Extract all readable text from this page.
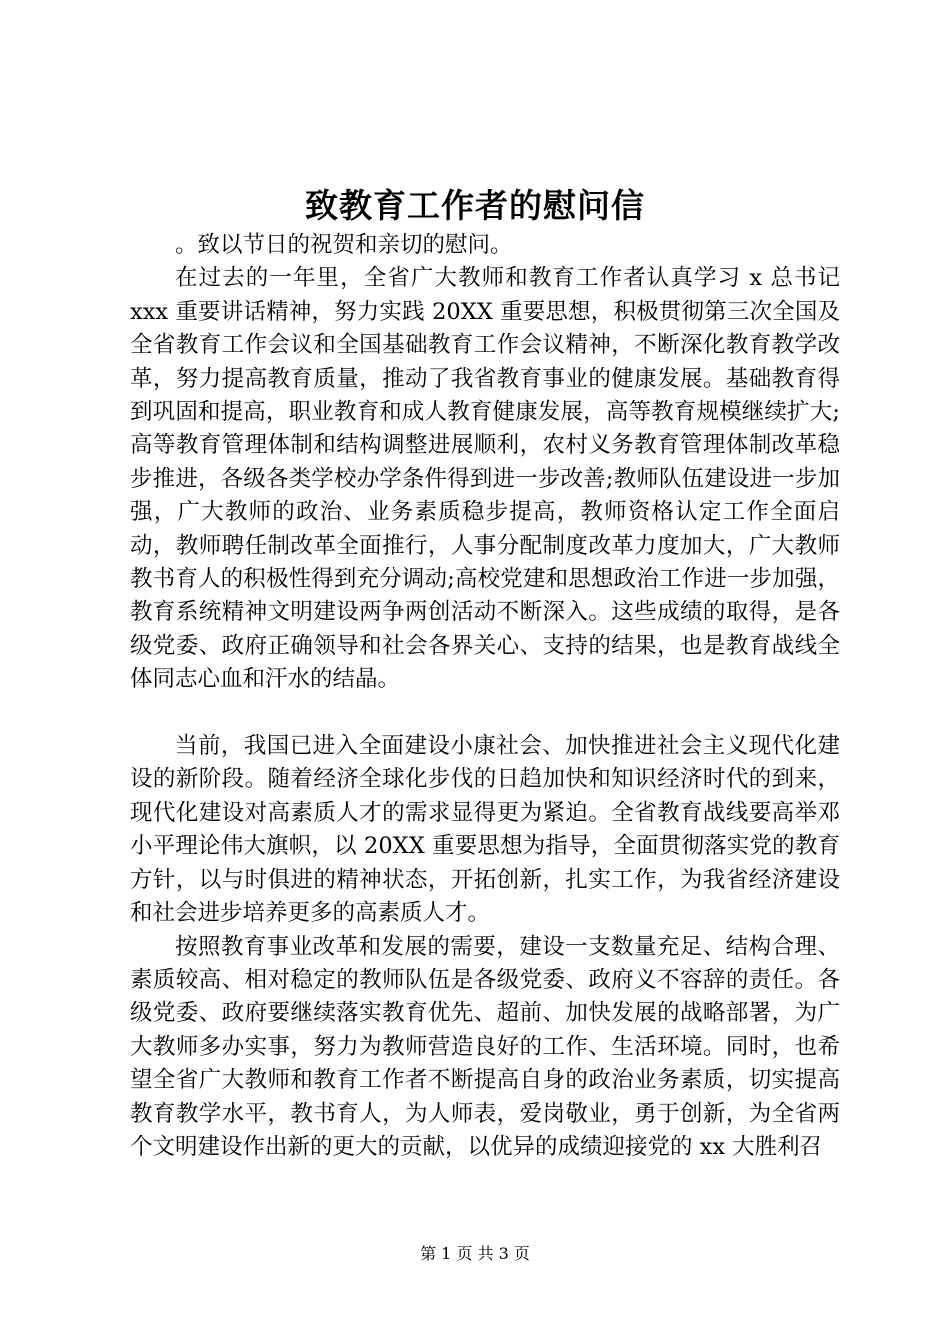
致教育工作者的慰问信

。致以节日的祝贺和亲切的慰问。

在过去的一年里，全省广大教师和教育工作者认真学习 x 总书记 xxx 重要讲话精神，努力实践 20XX 重要思想，积极贯彻第三次全国及全省教育工作会议和全国基础教育工作会议精神，不断深化教育教学改革，努力提高教育质量，推动了我省教育事业的健康发展。基础教育得到巩固和提高，职业教育和成人教育健康发展，高等教育规模继续扩大;高等教育管理体制和结构调整进展顺利，农村义务教育管理体制改革稳步推进，各级各类学校办学条件得到进一步改善;教师队伍建设进一步加强，广大教师的政治、业务素质稳步提高，教师资格认定工作全面启动，教师聘任制改革全面推行，人事分配制度改革力度加大，广大教师教书育人的积极性得到充分调动;高校党建和思想政治工作进一步加强，教育系统精神文明建设两争两创活动不断深入。这些成绩的取得，是各级党委、政府正确领导和社会各界关心、支持的结果，也是教育战线全体同志心血和汗水的结晶。

当前，我国已进入全面建设小康社会、加快推进社会主义现代化建设的新阶段。随着经济全球化步伐的日趋加快和知识经济时代的到来，现代化建设对高素质人才的需求显得更为紧迫。全省教育战线要高举邓小平理论伟大旗帜，以 20XX 重要思想为指导，全面贯彻落实党的教育方针，以与时俱进的精神状态，开拓创新，扎实工作，为我省经济建设和社会进步培养更多的高素质人才。

按照教育事业改革和发展的需要，建设一支数量充足、结构合理、素质较高、相对稳定的教师队伍是各级党委、政府义不容辞的责任。各级党委、政府要继续落实教育优先、超前、加快发展的战略部署，为广大教师多办实事，努力为教师营造良好的工作、生活环境。同时，也希望全省广大教师和教育工作者不断提高自身的政治业务素质，切实提高教育教学水平，教书育人，为人师表，爱岗敬业，勇于创新，为全省两个文明建设作出新的更大的贡献，以优异的成绩迎接党的 xx 大胜利召

第 1 页 共 3 页
